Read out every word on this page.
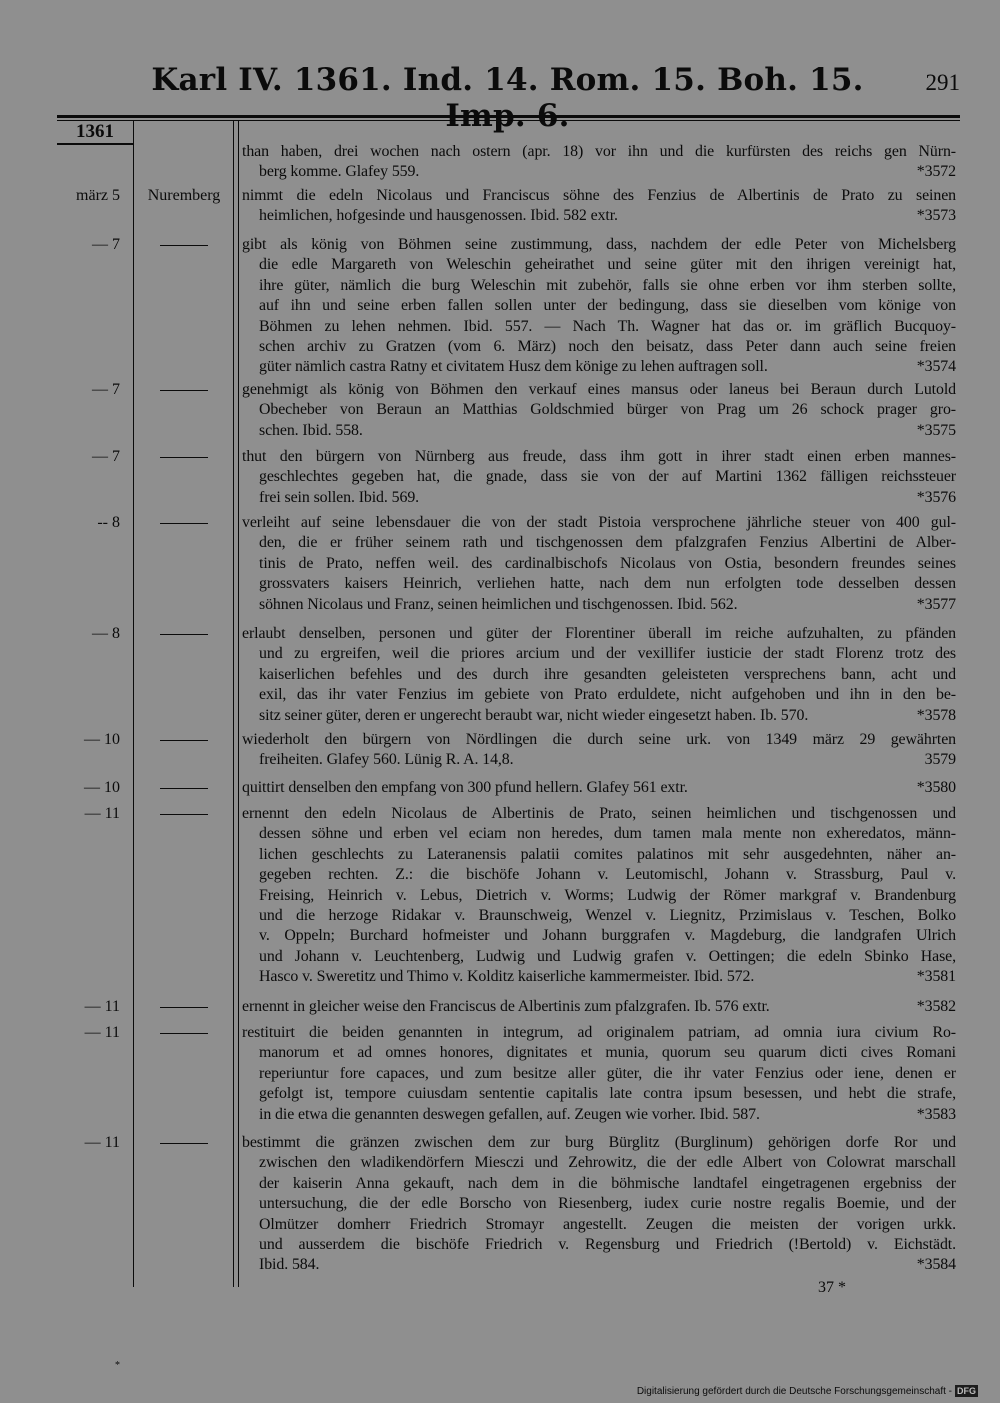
Karl IV. 1361. Ind. 14. Rom. 15. Boh. 15. Imp. 6.
291
1361
than haben, drei wochen nach ostern (apr. 18) vor ihn und die kurfürsten des reichs gen Nürn-
berg komme. Glafey 559.	*3572
märz 5	Nuremberg	nimmt die edeln Nicolaus und Franciscus söhne des Fenzius de Albertinis de Prato zu seinen
heimlichen, hofgesinde und hausgenossen. Ibid. 582 extr.	*3573
— 7	gibt als könig von Böhmen seine zustimmung, dass, nachdem der edle Peter von Michelsberg
die edle Margareth von Weleschin geheirathet und seine güter mit den ihrigen vereinigt hat,
ihre güter, nämlich die burg Weleschin mit zubehör, falls sie ohne erben vor ihm sterben sollte,
auf ihn und seine erben fallen sollen unter der bedingung, dass sie dieselben vom könige von
Böhmen zu lehen nehmen. Ibid. 557. — Nach Th. Wagner hat das or. im gräflich Bucquoy-
schen archiv zu Gratzen (vom 6. März) noch den beisatz, dass Peter dann auch seine freien
güter nämlich castra Ratny et civitatem Husz dem könige zu lehen auftragen soll.	*3574
— 7	genehmigt als könig von Böhmen den verkauf eines mansus oder laneus bei Beraun durch Lutold
Obecheber von Beraun an Matthias Goldschmied bürger von Prag um 26 schock prager gro-
schen. Ibid. 558.	*3575
— 7	thut den bürgern von Nürnberg aus freude, dass ihm gott in ihrer stadt einen erben mannes-
geschlechtes gegeben hat, die gnade, dass sie von der auf Martini 1362 fälligen reichssteuer
frei sein sollen. Ibid. 569.	*3576
-- 8	verleiht auf seine lebensdauer die von der stadt Pistoia versprochene jährliche steuer von 400 gul-
den, die er früher seinem rath und tischgenossen dem pfalzgrafen Fenzius Albertini de Alber-
tinis de Prato, neffen weil. des cardinalbischofs Nicolaus von Ostia, besondern freundes seines
grossvaters kaisers Heinrich, verliehen hatte, nach dem nun erfolgten tode desselben dessen
söhnen Nicolaus und Franz, seinen heimlichen und tischgenossen. Ibid. 562.	*3577
— 8	erlaubt denselben, personen und güter der Florentiner überall im reiche aufzuhalten, zu pfänden
und zu ergreifen, weil die priores arcium und der vexillifer iusticie der stadt Florenz trotz des
kaiserlichen befehles und des durch ihre gesandten geleisteten versprechens bann, acht und
exil, das ihr vater Fenzius im gebiete von Prato erduldete, nicht aufgehoben und ihn in den be-
sitz seiner güter, deren er ungerecht beraubt war, nicht wieder eingesetzt haben. Ib. 570.	*3578
— 10	wiederholt den bürgern von Nördlingen die durch seine urk. von 1349 märz 29 gewährten
freiheiten. Glafey 560. Lünig R. A. 14,8.	3579
— 10	quittirt denselben den empfang von 300 pfund hellern. Glafey 561 extr.	*3580
— 11	ernennt den edeln Nicolaus de Albertinis de Prato, seinen heimlichen und tischgenossen und
dessen söhne und erben vel eciam non heredes, dum tamen mala mente non exheredatos, männ-
lichen geschlechts zu Lateranensis palatii comites palatinos mit sehr ausgedehnten, näher an-
gegeben rechten. Z.: die bischöfe Johann v. Leutomischl, Johann v. Strassburg, Paul v.
Freising, Heinrich v. Lebus, Dietrich v. Worms; Ludwig der Römer markgraf v. Brandenburg
und die herzoge Ridakar v. Braunschweig, Wenzel v. Liegnitz, Przimislaus v. Teschen, Bolko
v. Oppeln; Burchard hofmeister und Johann burggrafen v. Magdeburg, die landgrafen Ulrich
und Johann v. Leuchtenberg, Ludwig und Ludwig grafen v. Oettingen; die edeln Sbinko Hase,
Hasco v. Sweretitz und Thimo v. Kolditz kaiserliche kammermeister. Ibid. 572.	*3581
— 11	ernennt in gleicher weise den Franciscus de Albertinis zum pfalzgrafen. Ib. 576 extr.	*3582
— 11	restituirt die beiden genannten in integrum, ad originalem patriam, ad omnia iura civium Ro-
manorum et ad omnes honores, dignitates et munia, quorum seu quarum dicti cives Romani
reperiuntur fore capaces, und zum besitze aller güter, die ihr vater Fenzius oder iene, denen er
gefolgt ist, tempore cuiusdam sententie capitalis late contra ipsum besessen, und hebt die strafe,
in die etwa die genannten deswegen gefallen, auf. Zeugen wie vorher. Ibid. 587.	*3583
— 11	bestimmt die gränzen zwischen dem zur burg Bürglitz (Burglinum) gehörigen dorfe Ror und
zwischen den wladikendörfern Miesczi und Zehrowitz, die der edle Albert von Colowrat marschall
der kaiserin Anna gekauft, nach dem in die böhmische landtafel eingetragenen ergebniss der
untersuchung, die der edle Borscho von Riesenberg, iudex curie nostre regalis Boemie, und der
Olmützer domherr Friedrich Stromayr angestellt. Zeugen die meisten der vorigen urkk.
und ausserdem die bischöfe Friedrich v. Regensburg und Friedrich (!Bertold) v. Eichstädt.
Ibid. 584.	*3584
37 *
*
Digitalisierung gefördert durch die Deutsche Forschungsgemeinschaft - DFG
